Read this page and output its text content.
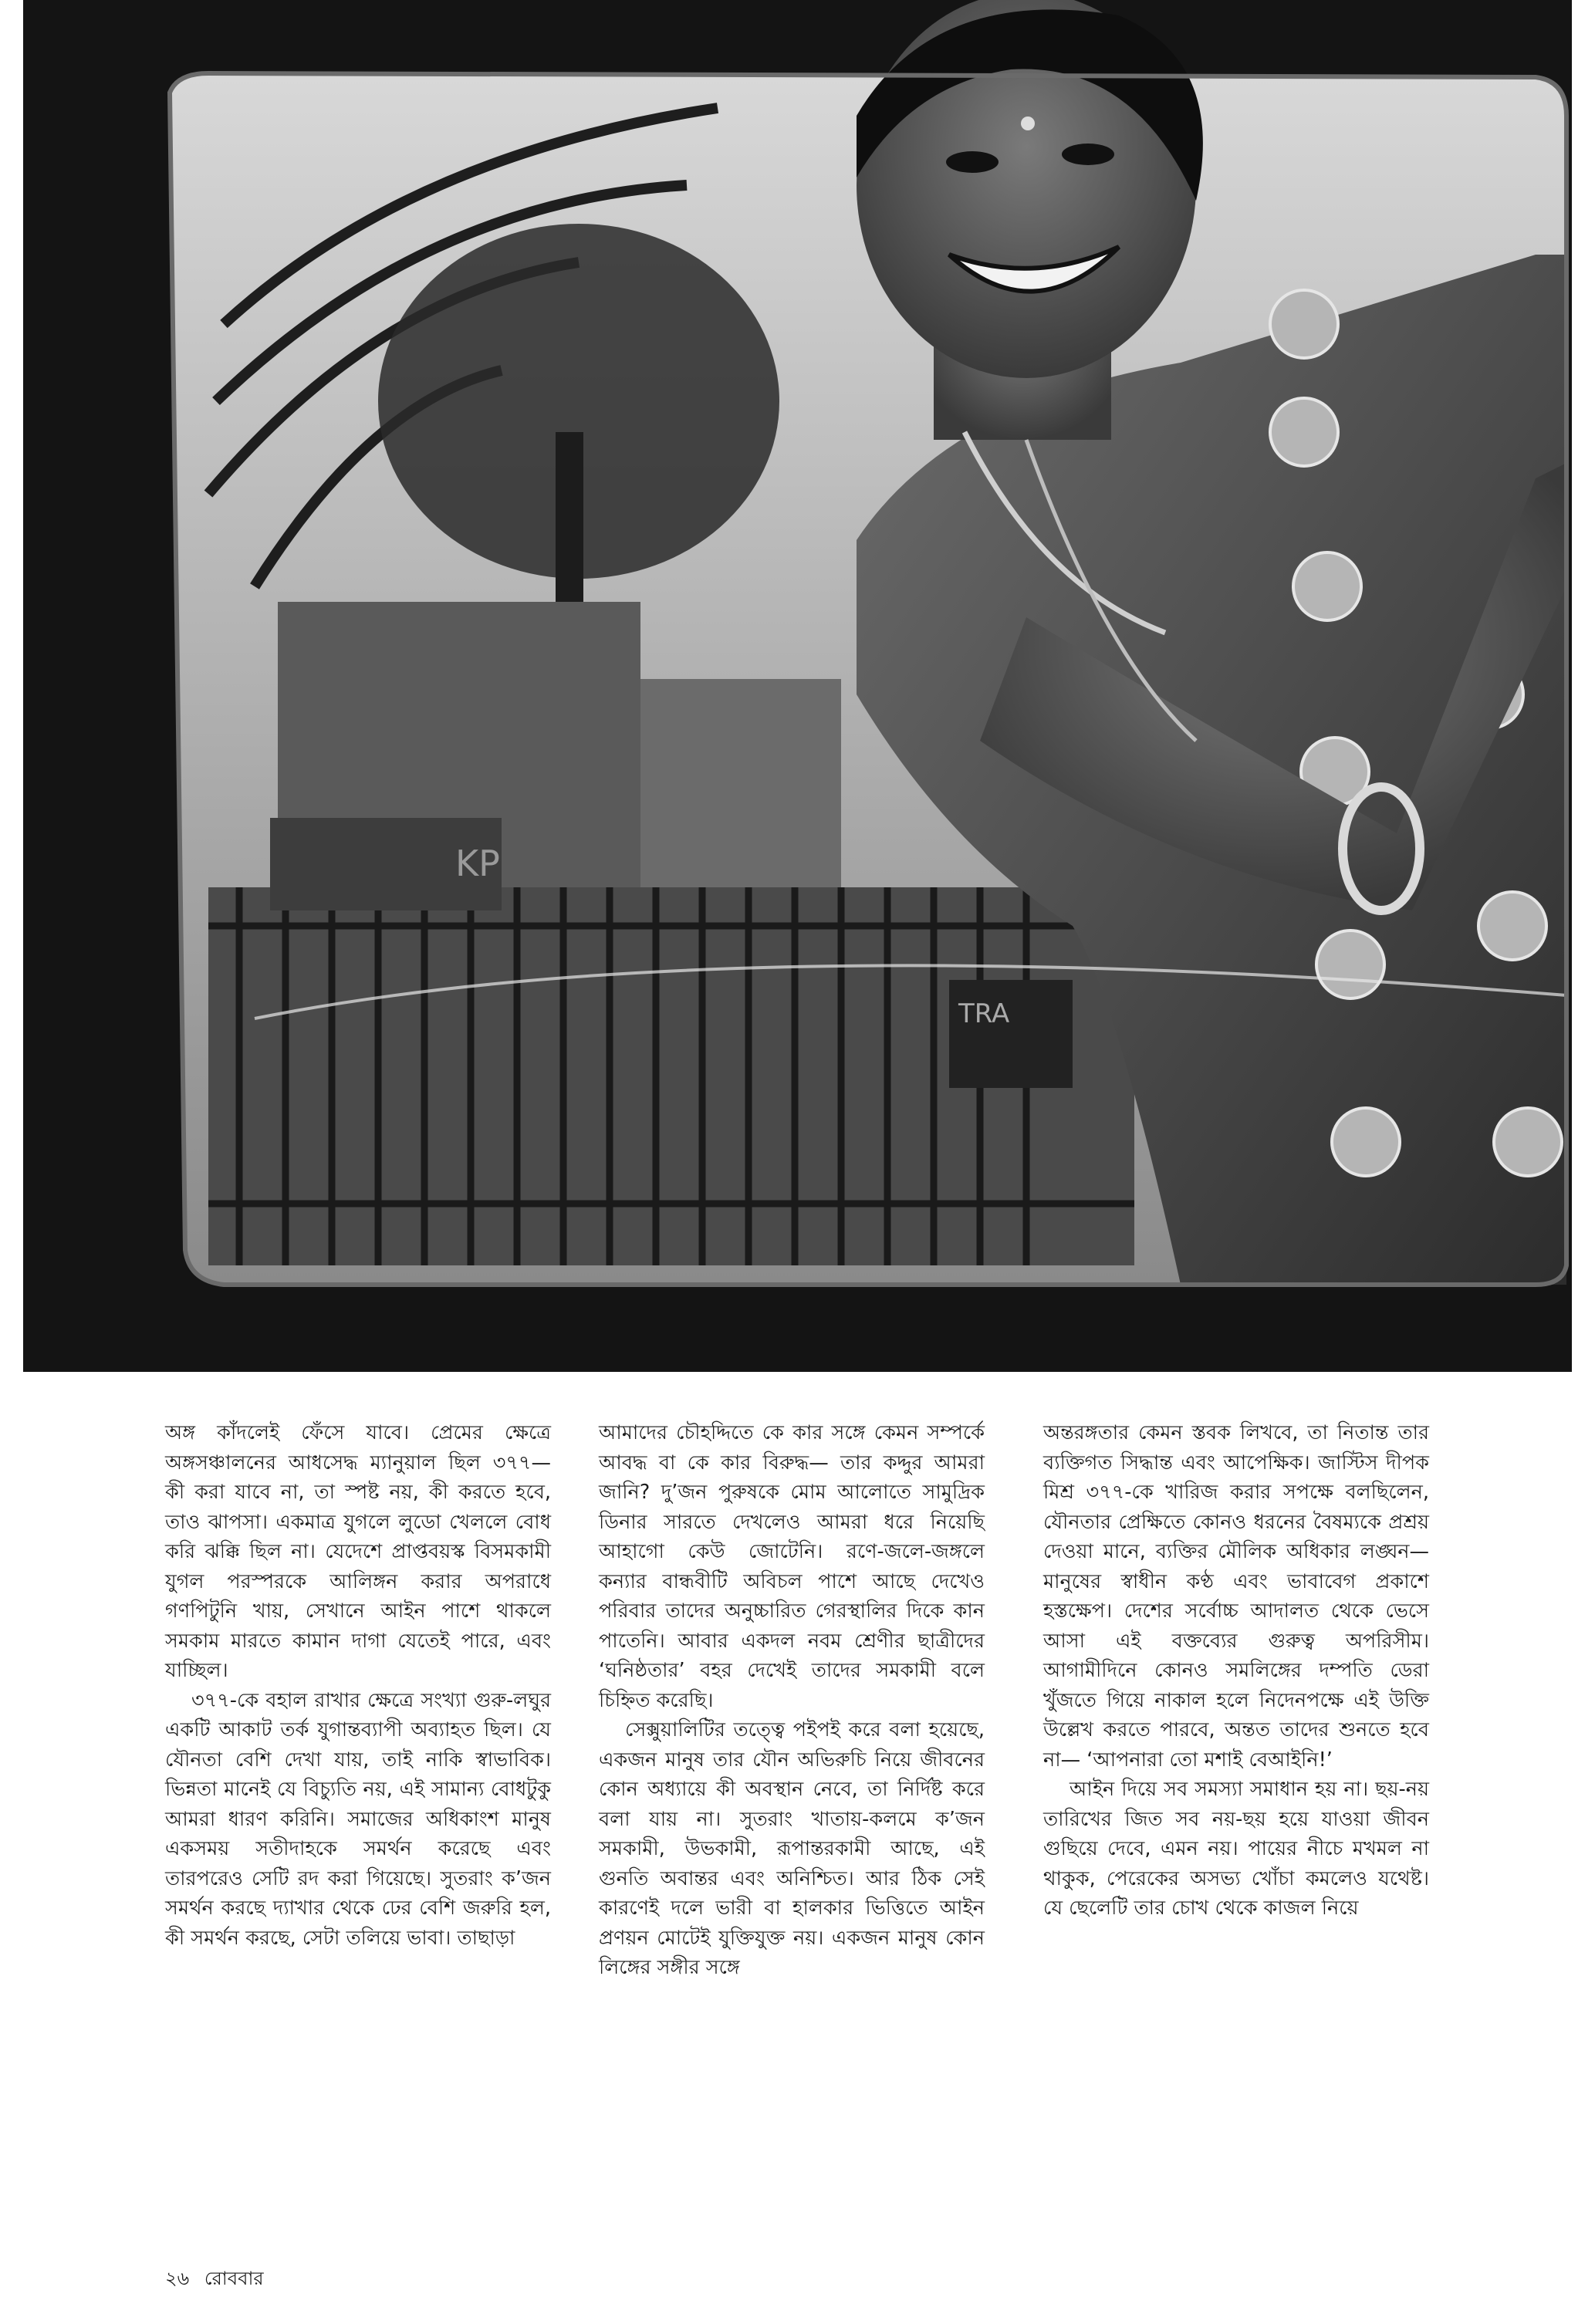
KP
TRA

অঙ্গ কাঁদলেই ফেঁসে যাবে। প্রেমের ক্ষেত্রে অঙ্গসঞ্চালনের আধসেদ্ধ ম্যানুয়াল ছিল ৩৭৭— কী করা যাবে না, তা স্পষ্ট নয়, কী করতে হবে, তাও ঝাপসা। একমাত্র যুগলে লুডো খেললে বোধ করি ঝক্কি ছিল না। যেদেশে প্রাপ্তবয়স্ক বিসমকামী যুগল পরস্পরকে আলিঙ্গন করার অপরাধে গণপিটুনি খায়, সেখানে আইন পাশে থাকলে সমকাম মারতে কামান দাগা যেতেই পারে, এবং যাচ্ছিল।

৩৭৭-কে বহাল রাখার ক্ষেত্রে সংখ্যা গুরু-লঘুর একটি আকাট তর্ক যুগান্তব্যাপী অব্যাহত ছিল। যে যৌনতা বেশি দেখা যায়, তাই নাকি স্বাভাবিক। ভিন্নতা মানেই যে বিচ্যুতি নয়, এই সামান্য বোধটুকু আমরা ধারণ করিনি। সমাজের অধিকাংশ মানুষ একসময় সতীদাহকে সমর্থন করেছে এবং তারপরেও সেটি রদ করা গিয়েছে। সুতরাং ক’জন সমর্থন করছে দ্যাখার থেকে ঢের বেশি জরুরি হল, কী সমর্থন করছে, সেটা তলিয়ে ভাবা। তাছাড়া

আমাদের চৌহদ্দিতে কে কার সঙ্গে কেমন সম্পর্কে আবদ্ধ বা কে কার বিরুদ্ধ— তার কদ্দুর আমরা জানি? দু’জন পুরুষকে মোম আলোতে সামুদ্রিক ডিনার সারতে দেখলেও আমরা ধরে নিয়েছি আহাগো কেউ জোটেনি। রণে-জলে-জঙ্গলে কন্যার বান্ধবীটি অবিচল পাশে আছে দেখেও পরিবার তাদের অনুচ্চারিত গেরস্থালির দিকে কান পাতেনি। আবার একদল নবম শ্রেণীর ছাত্রীদের ‘ঘনিষ্ঠতার’ বহর দেখেই তাদের সমকামী বলে চিহ্নিত করেছি।

সেক্সুয়ালিটির তত্ত্বে পইপই করে বলা হয়েছে, একজন মানুষ তার যৌন অভিরুচি নিয়ে জীবনের কোন অধ্যায়ে কী অবস্থান নেবে, তা নির্দিষ্ট করে বলা যায় না। সুতরাং খাতায়-কলমে ক’জন সমকামী, উভকামী, রূপান্তরকামী আছে, এই গুনতি অবান্তর এবং অনিশ্চিত। আর ঠিক সেই কারণেই দলে ভারী বা হালকার ভিত্তিতে আইন প্রণয়ন মোটেই যুক্তিযুক্ত নয়। একজন মানুষ কোন লিঙ্গের সঙ্গীর সঙ্গে

অন্তরঙ্গতার কেমন স্তবক লিখবে, তা নিতান্ত তার ব্যক্তিগত সিদ্ধান্ত এবং আপেক্ষিক। জাস্টিস দীপক মিশ্র ৩৭৭-কে খারিজ করার সপক্ষে বলছিলেন, যৌনতার প্রেক্ষিতে কোনও ধরনের বৈষম্যকে প্রশ্রয় দেওয়া মানে, ব্যক্তির মৌলিক অধিকার লঙ্ঘন— মানুষের স্বাধীন কণ্ঠ এবং ভাবাবেগ প্রকাশে হস্তক্ষেপ। দেশের সর্বোচ্চ আদালত থেকে ভেসে আসা এই বক্তব্যের গুরুত্ব অপরিসীম। আগামীদিনে কোনও সমলিঙ্গের দম্পতি ডেরা খুঁজতে গিয়ে নাকাল হলে নিদেনপক্ষে এই উক্তি উল্লেখ করতে পারবে, অন্তত তাদের শুনতে হবে না— ‘আপনারা তো মশাই বেআইনি!’

আইন দিয়ে সব সমস্যা সমাধান হয় না। ছয়-নয় তারিখের জিত সব নয়-ছয় হয়ে যাওয়া জীবন গুছিয়ে দেবে, এমন নয়। পায়ের নীচে মখমল না থাকুক, পেরেকের অসভ্য খোঁচা কমলেও যথেষ্ট। যে ছেলেটি তার চোখ থেকে কাজল নিয়ে

২৬ রোববার
